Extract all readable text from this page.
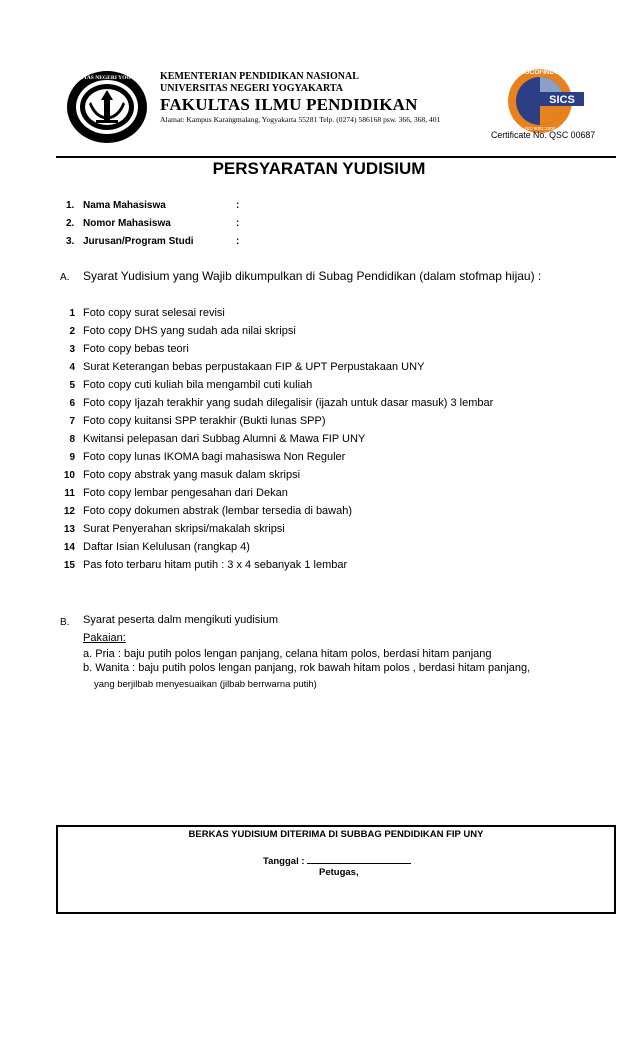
UNIVERSITAS NEGERI YOGYAKARTA KEMENTERIAN PENDIDIKAN NASIONAL
UNIVERSITAS NEGERI YOGYAKARTA
FAKULTAS ILMU PENDIDIKAN
Alamat: Kampus Karangmalang, Yogyakarta 55281 Telp. (0274) 586168 psw. 366, 368, 401
SICS
SUCOFINDO
ISO 9001:2000
Certificate No. QSC 00687
PERSYARATAN YUDISIUM
1. Nama Mahasiswa	:
2. Nomor Mahasiswa	:
3. Jurusan/Program Studi	:
A. Syarat Yudisium yang Wajib dikumpulkan di Subag Pendidikan (dalam stofmap hijau) :
1 Foto copy surat selesai revisi
2 Foto copy DHS yang sudah ada nilai skripsi
3 Foto copy bebas teori
4 Surat Keterangan bebas perpustakaan FIP & UPT Perpustakaan UNY
5 Foto copy cuti kuliah bila mengambil cuti kuliah
6 Foto copy Ijazah terakhir yang sudah dilegalisir (ijazah untuk dasar masuk) 3 lembar
7 Foto copy kuitansi SPP terakhir (Bukti lunas SPP)
8 Kwitansi pelepasan dari Subbag Alumni & Mawa FIP UNY
9 Foto copy lunas IKOMA bagi mahasiswa Non Reguler
10 Foto copy abstrak yang masuk dalam skripsi
11 Foto copy lembar pengesahan dari Dekan
12 Foto copy dokumen abstrak (lembar tersedia di bawah)
13 Surat Penyerahan skripsi/makalah skripsi
14 Daftar Isian Kelulusan (rangkap 4)
15 Pas foto terbaru hitam putih : 3 x 4 sebanyak 1 lembar
B. Syarat peserta dalm mengikuti yudisium
Pakaian:
a. Pria : baju putih polos lengan panjang, celana hitam polos, berdasi hitam panjang
b. Wanita : baju putih polos lengan panjang, rok bawah hitam polos , berdasi hitam panjang,
yang berjilbab menyesuaikan (jilbab berrwarna putih)
BERKAS YUDISIUM DITERIMA DI SUBBAG PENDIDIKAN FIP UNY
Tanggal :
Petugas,
